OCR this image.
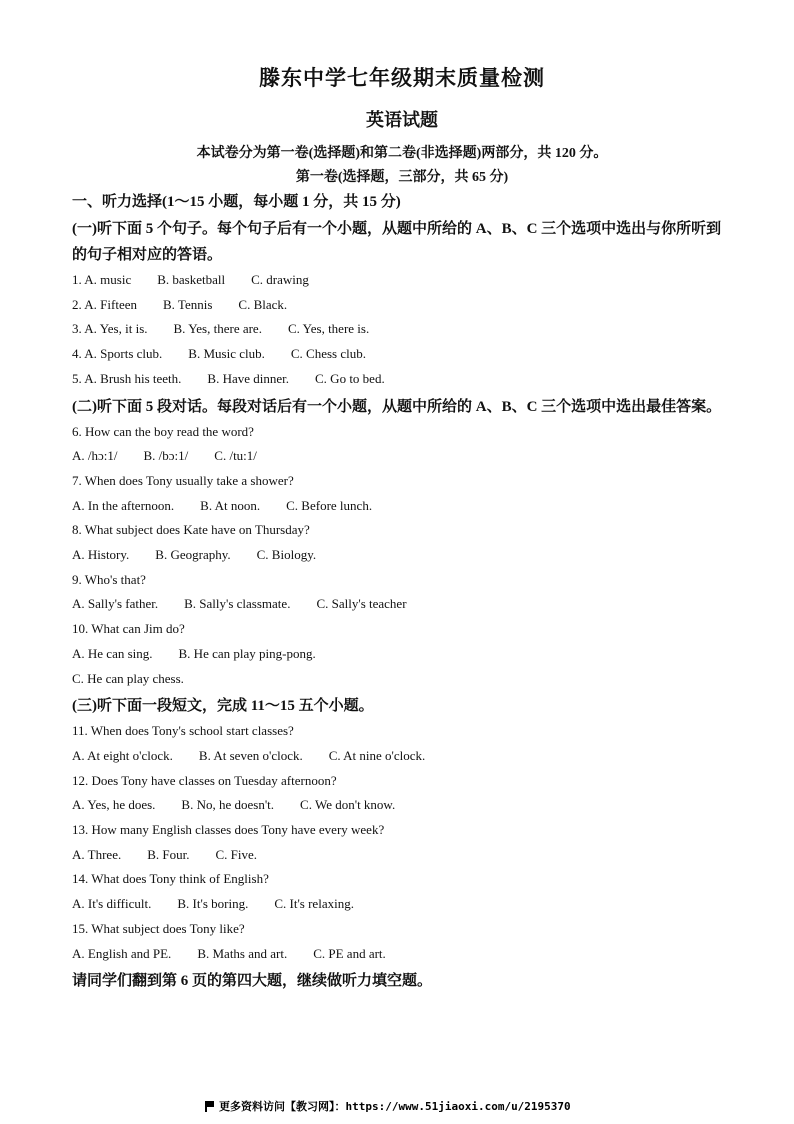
滕东中学七年级期末质量检测
英语试题
本试卷分为第一卷(选择题)和第二卷(非选择题)两部分，共 120 分。
第一卷(选择题，三部分，共 65 分)
一、听力选择(1～15 小题，每小题 1 分，共 15 分)
(一)听下面 5 个句子。每个句子后有一个小题，从题中所给的 A、B、C 三个选项中选出与你所听到的句子相对应的答语。
1. A. music B. basketball C. drawing
2. A. Fifteen B. Tennis C. Black.
3. A. Yes, it is. B. Yes, there are. C. Yes, there is.
4. A. Sports club. B. Music club. C. Chess club.
5. A. Brush his teeth. B. Have dinner. C. Go to bed.
(二)听下面 5 段对话。每段对话后有一个小题，从题中所给的 A、B、C 三个选项中选出最佳答案。
6. How can the boy read the word?
A. /hɔ:1/ B. /bɔ:1/ C. /tu:1/
7. When does Tony usually take a shower?
A. In the afternoon. B. At noon. C. Before lunch.
8. What subject does Kate have on Thursday?
A. History. B. Geography. C. Biology.
9. Who's that?
A. Sally's father. B. Sally's classmate. C. Sally's teacher
10. What can Jim do?
A. He can sing. B. He can play ping-pong.
C. He can play chess.
(三)听下面一段短文，完成 11～15 五个小题。
11. When does Tony's school start classes?
A. At eight o'clock. B. At seven o'clock. C. At nine o'clock.
12. Does Tony have classes on Tuesday afternoon?
A. Yes, he does. B. No, he doesn't. C. We don't know.
13. How many English classes does Tony have every week?
A. Three. B. Four. C. Five.
14. What does Tony think of English?
A. It's difficult. B. It's boring. C. It's relaxing.
15. What subject does Tony like?
A. English and PE. B. Maths and art. C. PE and art.
请同学们翻到第 6 页的第四大题，继续做听力填空题。
更多资料访问【教习网】：https://www.51jiaoxi.com/u/2195370
